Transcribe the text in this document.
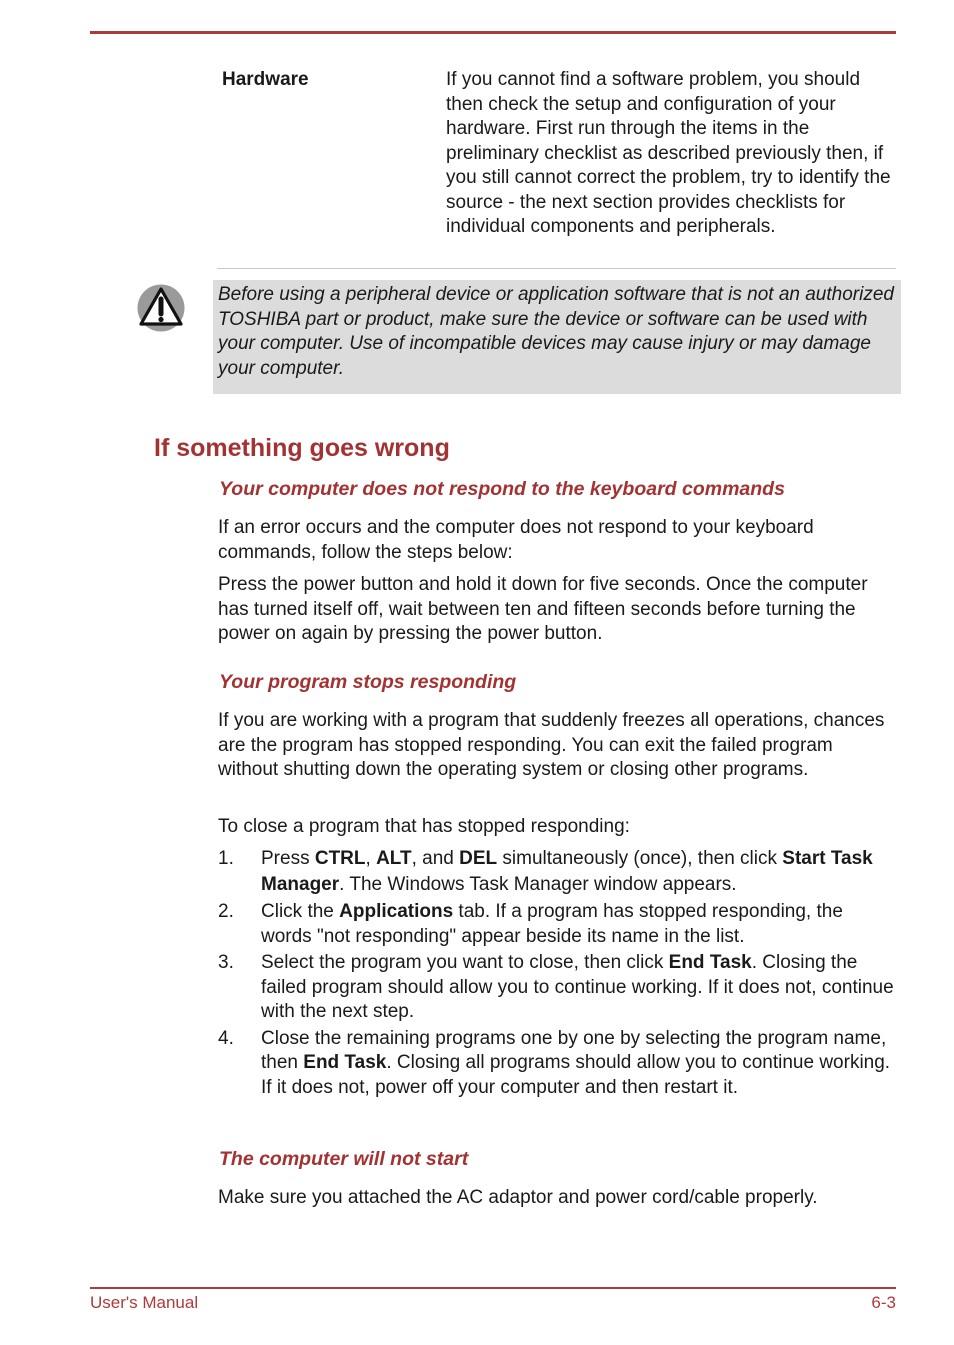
Hardware	If you cannot find a software problem, you should then check the setup and configuration of your hardware. First run through the items in the preliminary checklist as described previously then, if you still cannot correct the problem, try to identify the source - the next section provides checklists for individual components and peripherals.
Before using a peripheral device or application software that is not an authorized TOSHIBA part or product, make sure the device or software can be used with your computer. Use of incompatible devices may cause injury or may damage your computer.
If something goes wrong
Your computer does not respond to the keyboard commands
If an error occurs and the computer does not respond to your keyboard commands, follow the steps below:
Press the power button and hold it down for five seconds. Once the computer has turned itself off, wait between ten and fifteen seconds before turning the power on again by pressing the power button.
Your program stops responding
If you are working with a program that suddenly freezes all operations, chances are the program has stopped responding. You can exit the failed program without shutting down the operating system or closing other programs.
To close a program that has stopped responding:
1. Press CTRL, ALT, and DEL simultaneously (once), then click Start Task Manager. The Windows Task Manager window appears.
2. Click the Applications tab. If a program has stopped responding, the words "not responding" appear beside its name in the list.
3. Select the program you want to close, then click End Task. Closing the failed program should allow you to continue working. If it does not, continue with the next step.
4. Close the remaining programs one by one by selecting the program name, then End Task. Closing all programs should allow you to continue working. If it does not, power off your computer and then restart it.
The computer will not start
Make sure you attached the AC adaptor and power cord/cable properly.
User's Manual	6-3
